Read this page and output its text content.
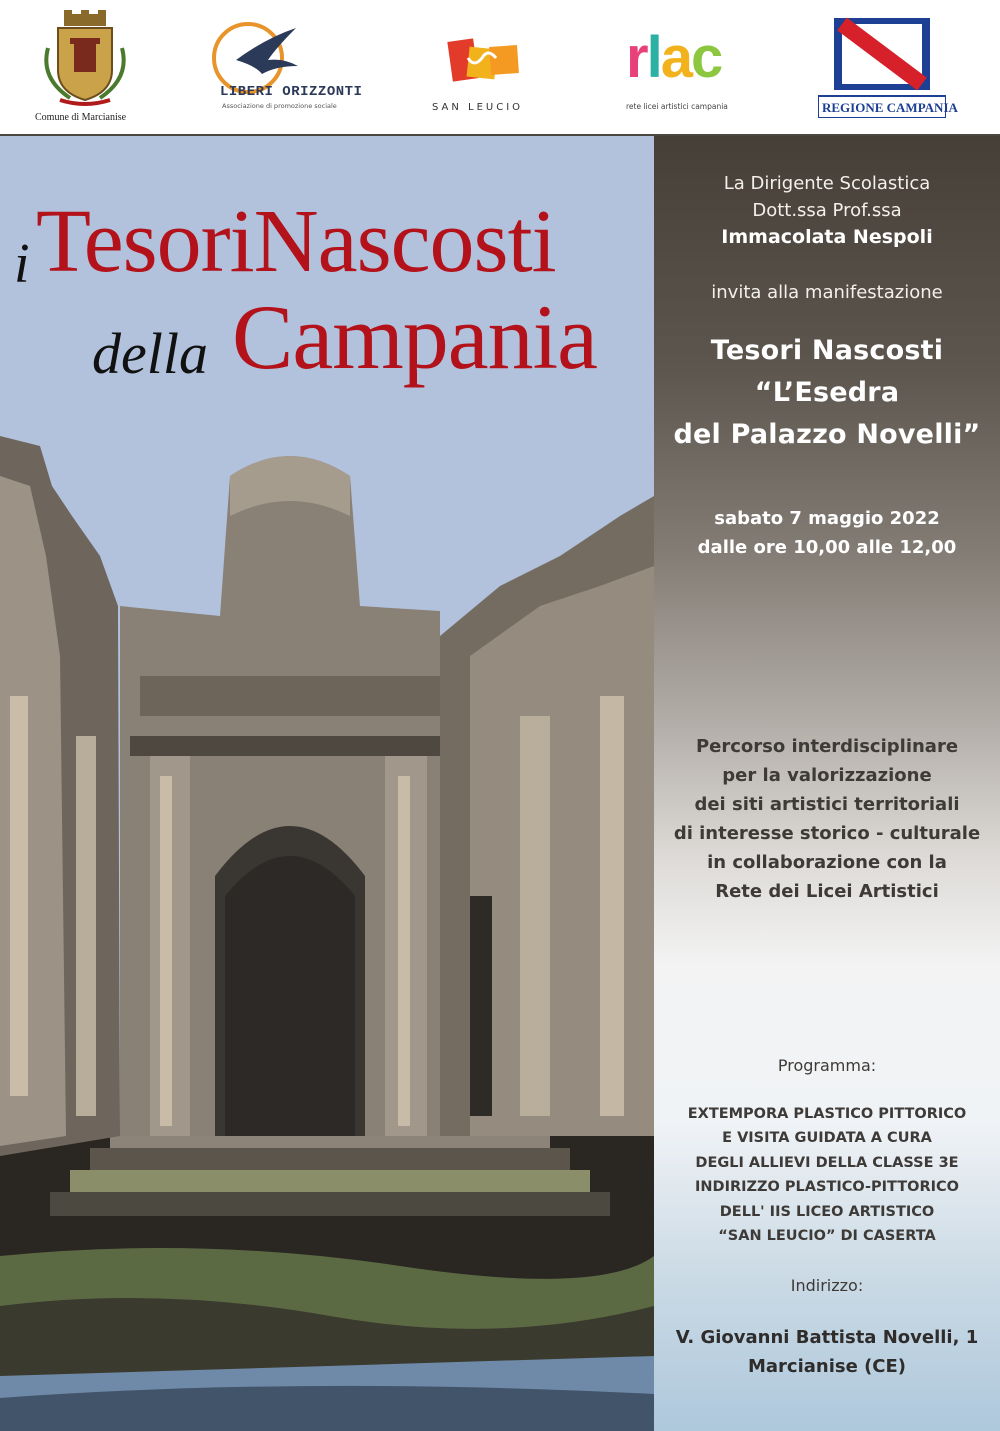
Comune di Marcianise
LIBERI ORIZZONTI
Associazione di promozione sociale	SAN LEUCIO
rlac
rete licei artistici campania	REGIONE CAMPANIA
i TesoriNascosti
della Campania
La Dirigente Scolastica
Dott.ssa Prof.ssa
Immacolata Nespoli
invita alla manifestazione
Tesori Nascosti
“L’Esedra
del Palazzo Novelli”
sabato 7 maggio 2022
dalle ore 10,00 alle 12,00
Percorso interdisciplinare
per la valorizzazione
dei siti artistici territoriali
di interesse storico - culturale
in collaborazione con la
Rete dei Licei Artistici
Programma:
EXTEMPORA PLASTICO PITTORICO
E VISITA GUIDATA A CURA
DEGLI ALLIEVI DELLA CLASSE 3E
INDIRIZZO PLASTICO-PITTORICO
DELL' IIS LICEO ARTISTICO
“SAN LEUCIO” DI CASERTA
Indirizzo:
V. Giovanni Battista Novelli, 1
Marcianise (CE)
